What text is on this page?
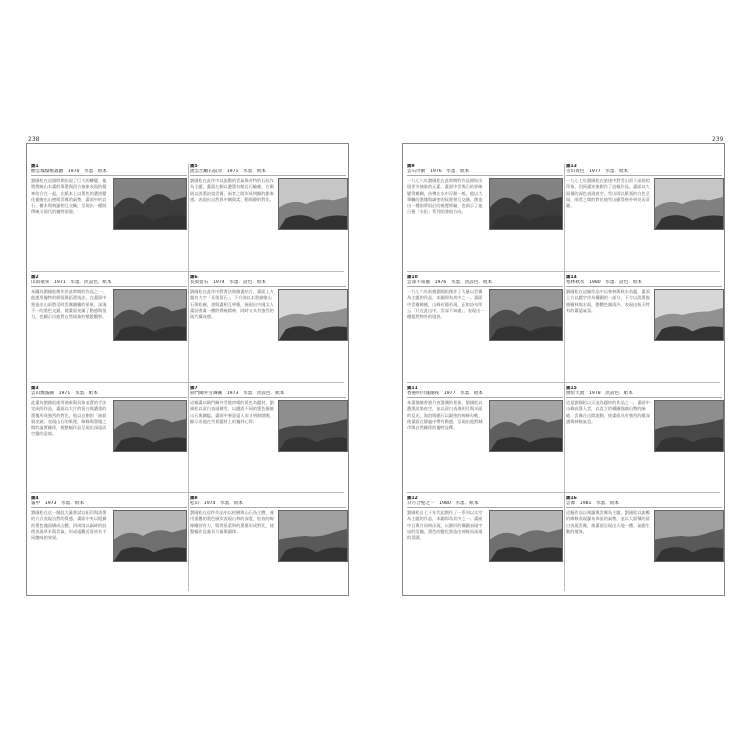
238	239
圖1
煙雲燦燦壓叢巖　1970　水墨．紙本
劉國松在這個時期出現了巨大的轉變。他將傳統山水畫的筆墨與西方抽象表現的精神結合在一起，在紙本上以墨色的濃淡變化描繪出山巒與雲霧的氣勢，畫面中的岩石、樹木與飛瀑相互交織，呈現出一種既傳統又現代的獨特面貌。
圖2
山雨欲來　1971　水墨．淡設色．紙本
本圖為劉國松創作於此時期的作品之一。他運用獨特的紙張與拓墨技法，在畫面中營造出山雨將至時雲霧翻騰的景象，深淺不一的墨色交錯，使畫面充滿了動感與張力，也顯示出他對自然現象的敏銳觀察。
圖3
雲山煙霧圖　1971　水墨．紙本
此畫為劉國松運用抽象與具象並置的手法完成的作品，畫面以大片的留白與濃重的墨塊形成強烈的對比。他以自創的「抽筋剝皮皴」表現山石的肌理，線條與墨塊之間的虛實關係，使整幅作品呈現出深遠而空靈的意境。
圖4
霧中　1973　水墨．紙本
劉國松在這一階段大量嘗試以拓印與漬墨的方式表現自然的質感，畫面中央以粗獷的墨色塊面構成山體，四周則以細碎的紋理表現草木與雲氣，形成遠觀近看皆有不同趣味的效果。
圖5
流雲出岫石紋奇　1971　水墨．紙本
劉國松在此作中以流動的雲氣與奇特的石紋作為主題，畫面左側以濃墨勾勒岩石輪廓，右側則以淡墨渲染雲霧，兩者之間形成明顯的節奏感，表現出自然界中剛與柔、動與靜的對比。
圖6
長榮留石　1974　水墨．設色．紙本
劉國松在此作中將書法與繪畫結合，畫面上方題有大字「長榮留石」，下方則以水墨描繪山石與松樹，書與畫相互呼應，展現出中國文人畫詩書畫一體的傳統精神，同時又具有強烈的現代構成感。
圖7
劍門關外雪霽圖　1973　水墨．淡設色．紙本
這幅畫以劍門關外雪後初晴的景色為題材，劉國松以留白表現積雪，以濃淡不同的墨色描繪山石與關隘，畫面中寒意逼人而又明朗開闊，顯示出他在雪景題材上的獨到心得。
圖8
松山　1974　水墨．紙本
劉國松在這件作品中以松樹與山石為主體，運用重疊的墨色層次表現山林的深度，松枝的線條剛勁有力，與背景柔和的墨暈形成對比，使整幅作品兼具力量與韻律。
圖9
雲石浮動　1976　水墨．紙本
一九七六年劉國松在此時期的作品開始出現更多抽象的元素，畫面中雲與石的界線變得模糊，彷彿在水中浮動一般。他以大筆觸的墨塊與細密的紋理相互交融，創造出一種如夢似幻的視覺經驗，也預示了他日後「水拓」系列的發展方向。
圖10
雲深不知處　1976　水墨．淡設色．紙本
一九七六年前後劉國松創作了大量以雲霧為主題的作品，本圖即為其中之一。畫面中雲霧繚繞，山峰若隱若現，正如詩句所云「只在此山中，雲深不知處」，表現出一種超然物外的境界。
圖11
香港明月漲潮夜　1977　水墨．紙本
本畫描繪香港月夜漲潮的景象，劉國松以濃墨渲染夜空，並以留白表現明月與水面的反光，海浪與礁石以細密的線條勾勒，使畫面在靜謐中帶有動感，呈現出他對城市與自然關係的獨特詮釋。
圖12
日月合璧之一　1980　水墨．紙本
劉國松自七十年代起創作了一系列以太空為主題的作品，本圖即為其中之一。畫面中日與月同時出現，以圓形的構圖表現宇宙的浩瀚，墨色的變化營造出神秘而深邃的氛圍。
圖13
雪山夜色　1977　水墨．紙本
一九七七年劉國松在旅途中對雪山留下深刻的印象，回到畫室後創作了這幅作品。畫面以大面積的深色表現夜空，雪山則以紙張的白色呈現，兩者之間的對比使雪山顯得格外明亮而莊嚴。
圖14
寒林秋水　1980　水墨．設色．紙本
劉國松在這幅作品中以寒林與秋水為題，畫面上方以題字作為構圖的一部分，下方以淡墨描繪樹林與水面，整體色調清冷，表現出秋天特有的蕭瑟氣氛。
圖15
源於天池　1978　淡設色．紙本
這是劉國松以天池為題材的作品之一，畫面中山峰高聳入雲，以直立的構圖強調山勢的險峻，雲霧在山間流動，使畫面具有強烈的縱深感與神秘氣息。
圖16
雲瀑　1981　水墨．紙本
這幅作品以飛瀑與雲霧為主題，劉國松以流暢的線條表現瀑布奔流的氣勢，並以大面積的留白表現雲霧，使畫面呈現出天地一體、氣韻生動的境界。
